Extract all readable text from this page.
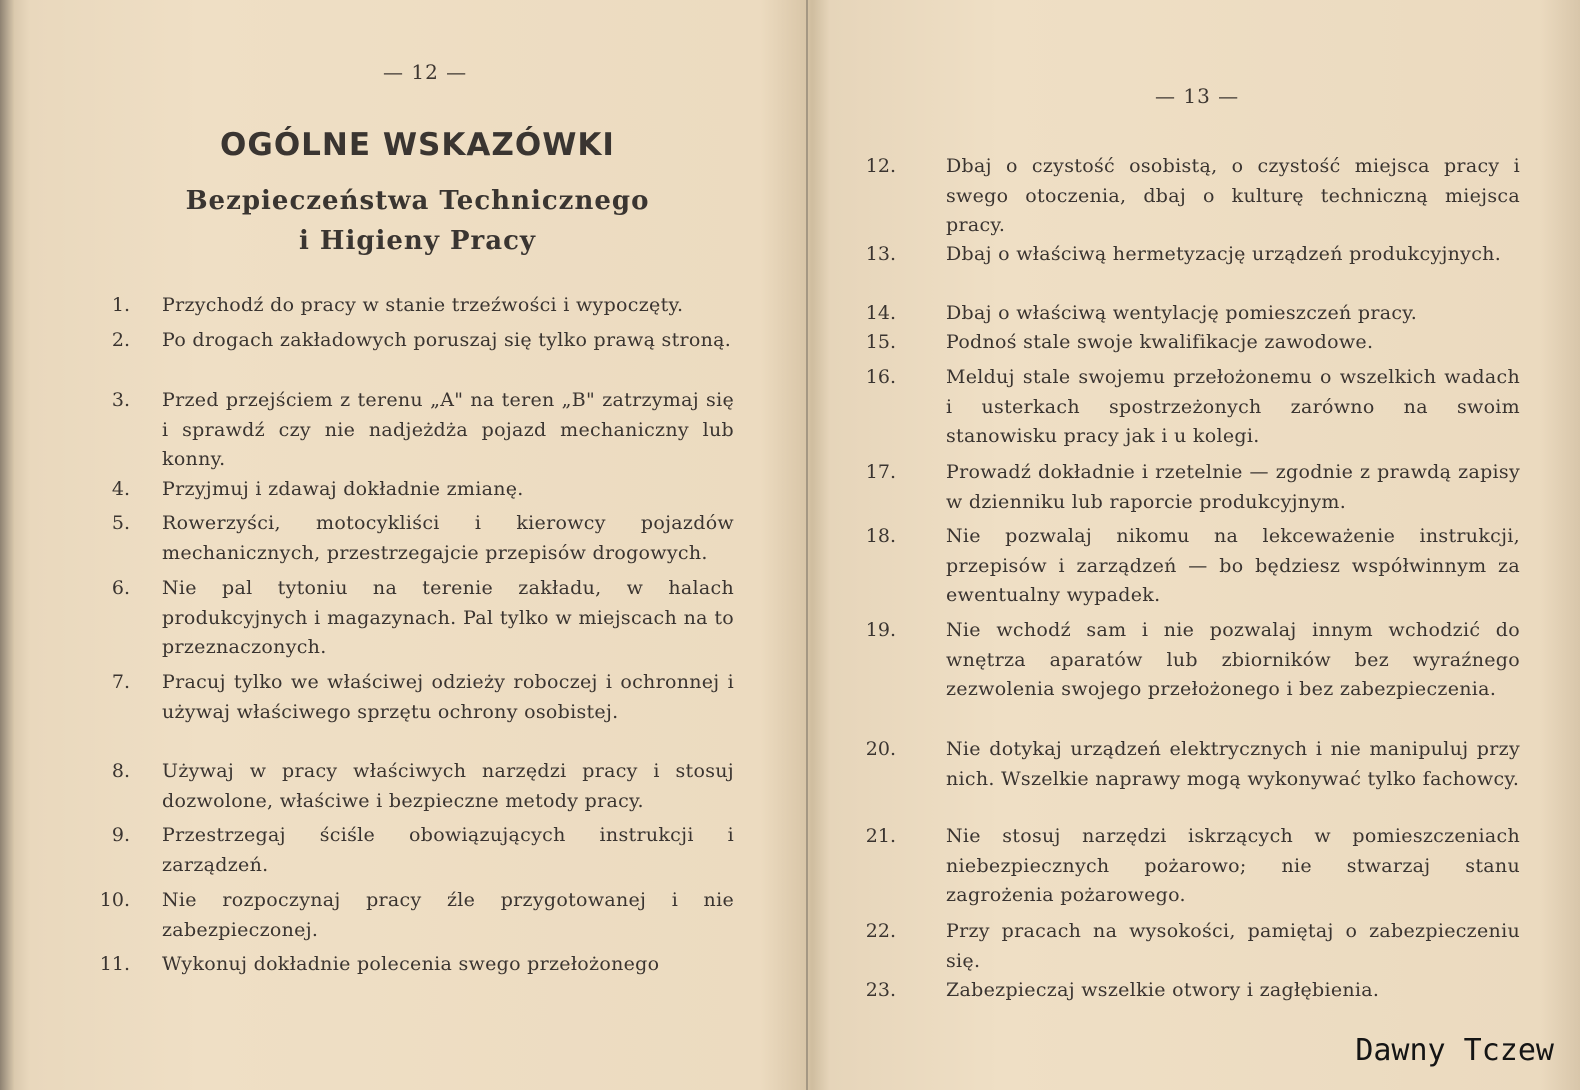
— 12 —
OGÓLNE WSKAZÓWKI
Bezpieczeństwa Technicznego
i Higieny Pracy
1. Przychodź do pracy w stanie trzeźwości i wypoczęty.

2. Po drogach zakładowych poruszaj się tylko prawą stroną.

3. Przed przejściem z terenu „A" na teren „B" zatrzymaj się i sprawdź czy nie nadjeżdża pojazd mechaniczny lub konny.

4. Przyjmuj i zdawaj dokładnie zmianę.

5. Rowerzyści, motocykliści i kierowcy pojazdów mechanicznych, przestrzegajcie przepisów drogowych.

6. Nie pal tytoniu na terenie zakładu, w halach produkcyjnych i magazynach. Pal tylko w miejscach na to przeznaczonych.

7. Pracuj tylko we właściwej odzieży roboczej i ochronnej i używaj właściwego sprzętu ochrony osobistej.

8. Używaj w pracy właściwych narzędzi pracy i stosuj dozwolone, właściwe i bezpieczne metody pracy.

9. Przestrzegaj ściśle obowiązujących instrukcji i zarządzeń.

10. Nie rozpoczynaj pracy źle przygotowanej i nie zabezpieczonej.

11. Wykonuj dokładnie polecenia swego przełożonego

— 13 —
12.	Dbaj o czystość osobistą, o czystość miejsca pracy i swego otoczenia, dbaj o kulturę techniczną miejsca pracy.

13.	Dbaj o właściwą hermetyzację urządzeń produkcyjnych.

14.	Dbaj o właściwą wentylację pomieszczeń pracy.

15.	Podnoś stale swoje kwalifikacje zawodowe.

16.	Melduj stale swojemu przełożonemu o wszelkich wadach i usterkach spostrzeżonych zarówno na swoim stanowisku pracy jak i u kolegi.

17.	Prowadź dokładnie i rzetelnie — zgodnie z prawdą zapisy w dzienniku lub raporcie produkcyjnym.

18.	Nie pozwalaj nikomu na lekceważenie instrukcji, przepisów i zarządzeń — bo będziesz współwinnym za ewentualny wypadek.

19.	Nie wchodź sam i nie pozwalaj innym wchodzić do wnętrza aparatów lub zbiorników bez wyraźnego zezwolenia swojego przełożonego i bez zabezpieczenia.

20.	Nie dotykaj urządzeń elektrycznych i nie manipuluj przy nich. Wszelkie naprawy mogą wykonywać tylko fachowcy.

21.	Nie stosuj narzędzi iskrzących w pomieszczeniach niebezpiecznych pożarowo; nie stwarzaj stanu zagrożenia pożarowego.

22.	Przy pracach na wysokości, pamiętaj o zabezpieczeniu się.

23.	Zabezpieczaj wszelkie otwory i zagłębienia.

Dawny Tczew
